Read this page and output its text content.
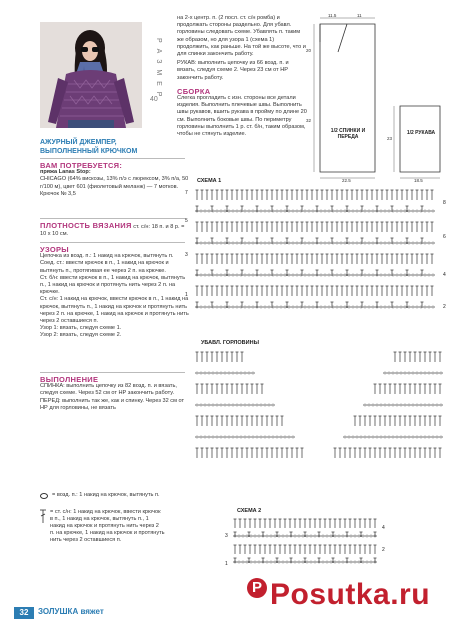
Р А З М Е Р
40
АЖУРНЫЙ ДЖЕМПЕР, ВЫПОЛНЕННЫЙ КРЮЧКОМ
ВАМ ПОТРЕБУЕТСЯ:
пряжа Lanas Stop:
CHICAGO (64% вискозы, 13% п/э с люрексом, 3% п/а, 50 г/100 м), цвет 601 (фиолетовый меланж) — 7 мотков.
Крючок № 3,5
ПЛОТНОСТЬ ВЯЗАНИЯ ст. с/н: 18 п. и 8 р. = 10 х 10 см.
УЗОРЫ
Цепочка из возд. п.: 1 накид на крючок, вытянуть п.
Соед. ст.: ввести крючок в п., 1 накид на крючок и вытянуть п., протягивая ее через 2 п. на крючке.
Ст. б/н: ввести крючок в п., 1 накид на крючок, вытянуть п., 1 накид на крючок и протянуть нить через 2 п. на крючке.
Ст. с/н: 1 накид на крючок, ввести крючок в п., 1 накид на крючок, вытянуть п., 1 накид на крючок и протянуть нить через 2 п. на крючке, 1 накид на крючок и протянуть нить через 2 оставшиеся п.
Узор 1: вязать, следуя схеме 1.
Узор 2: вязать, следуя схеме 2.
ВЫПОЛНЕНИЕ
СПИНКА: выполнить цепочку из 82 возд. п. и вязать, следуя схеме. Через 52 см от НР закончить работу.
ПЕРЕД: выполнить так же, как и спинку. Через 32 см от НР для горловины, не вязать
на 2-х центр. п. (2 посл. ст. с/н ромба) и продолжать стороны раздельно. Для убавл. горловины следовать схеме. Убавлять п. таким же образом, но для узора 1 (схема 1) продолжить, как раньше. На той же высоте, что и для спинки закончить работу.
РУКАВ: выполнить цепочку из 66 возд. п. и вязать, следуя схеме 2. Через 23 см от НР закончить работу.
СБОРКА
Слегка прогладить с изн. стороны все детали изделия. Выполнить плечевые швы. Выполнить швы рукавов, вшить рукава в пройму по длине 20 см. Выполнить боковые швы. По периметру горловины выполнить 1 р. ст. б/н, таким образом, чтобы не стянуть изделие.
11.5	11
20
32
22.5	18.5
23
1/2 СПИНКИ И ПЕРЕДА
1/2 РУКАВА
СХЕМА 1
7
5
3
1
8
6
4
2
УБАВЛ. ГОРЛОВИНЫ
СХЕМА 2
3
1
4
2
= возд. п.: 1 накид на крючок, вытянуть п.
= ст. с/н: 1 накид на крючок, ввести крючок в п., 1 накид на крючок, вытянуть п., 1 накид на крючок и протянуть нить через 2 п. на крючке, 1 накид на крючок и протянуть нить через 2 оставшиеся п.
32	ЗОЛУШКА вяжет
P Posutka.ru
